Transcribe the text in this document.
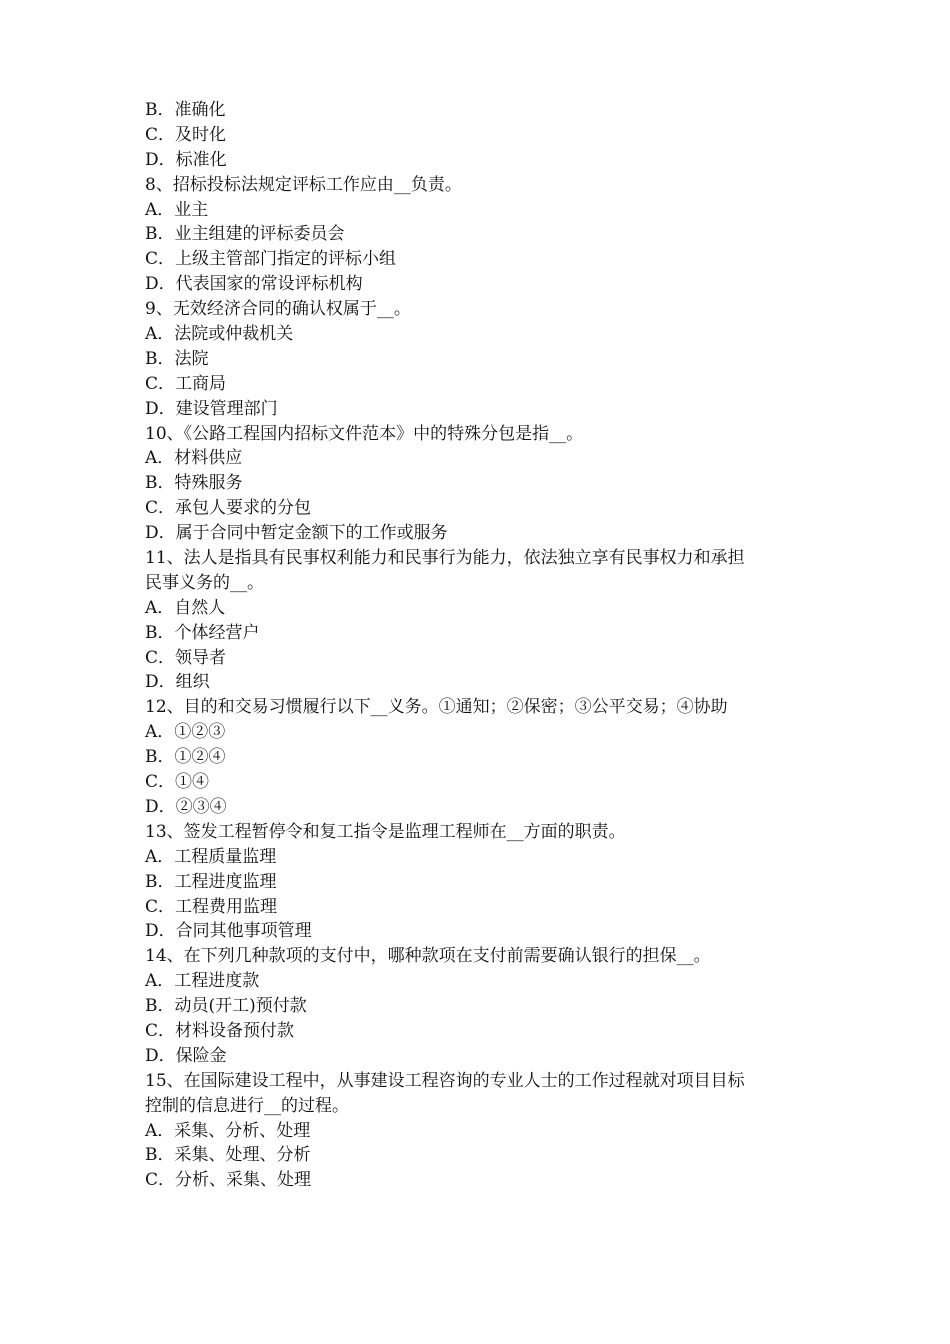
B．准确化
C．及时化
D．标准化
8、招标投标法规定评标工作应由__负责。
A．业主
B．业主组建的评标委员会
C．上级主管部门指定的评标小组
D．代表国家的常设评标机构
9、无效经济合同的确认权属于__。
A．法院或仲裁机关
B．法院
C．工商局
D．建设管理部门
10、《公路工程国内招标文件范本》中的特殊分包是指__。
A．材料供应
B．特殊服务
C．承包人要求的分包
D．属于合同中暂定金额下的工作或服务
11、法人是指具有民事权利能力和民事行为能力，依法独立享有民事权力和承担
民事义务的__。
A．自然人
B．个体经营户
C．领导者
D．组织
12、目的和交易习惯履行以下__义务。①通知；②保密；③公平交易；④协助
A．①②③
B．①②④
C．①④
D．②③④
13、签发工程暂停令和复工指令是监理工程师在__方面的职责。
A．工程质量监理
B．工程进度监理
C．工程费用监理
D．合同其他事项管理
14、在下列几种款项的支付中，哪种款项在支付前需要确认银行的担保__。
A．工程进度款
B．动员(开工)预付款
C．材料设备预付款
D．保险金
15、在国际建设工程中，从事建设工程咨询的专业人士的工作过程就对项目目标
控制的信息进行__的过程。
A．采集、分析、处理
B．采集、处理、分析
C．分析、采集、处理
